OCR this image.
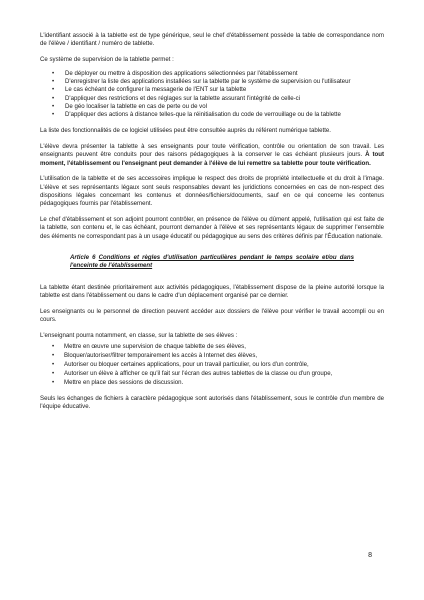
L'identifiant associé à la tablette est de type générique, seul le chef d'établissement possède la table de correspondance nom de l'élève / identifiant / numéro de tablette.

Ce système de supervision de la tablette permet :

• De déployer ou mettre à disposition des applications sélectionnées par l'établissement
• D'enregistrer la liste des applications installées sur la tablette par le système de supervision ou l'utilisateur
• Le cas échéant de configurer la messagerie de l'ENT sur la tablette
• D'appliquer des restrictions et des réglages sur la tablette assurant l'intégrité de celle-ci
• De géo localiser la tablette en cas de perte ou de vol
• D'appliquer des actions à distance telles-que la réinitialisation du code de verrouillage ou de la tablette

La liste des fonctionnalités de ce logiciel utilisées peut être consultée auprès du référent numérique tablette.

L'élève devra présenter la tablette à ses enseignants pour toute vérification, contrôle ou orientation de son travail. Les enseignants peuvent être conduits pour des raisons pédagogiques à la conserver le cas échéant plusieurs jours. À tout moment, l'établissement ou l'enseignant peut demander à l'élève de lui remettre sa tablette pour toute vérification.

L'utilisation de la tablette et de ses accessoires implique le respect des droits de propriété intellectuelle et du droit à l'image. L'élève et ses représentants légaux sont seuls responsables devant les juridictions concernées en cas de non-respect des dispositions légales concernant les contenus et données/fichiers/documents, sauf en ce qui concerne les contenus pédagogiques fournis par l'établissement.

Le chef d'établissement et son adjoint pourront contrôler, en présence de l'élève ou dûment appelé, l'utilisation qui est faite de la tablette, son contenu et, le cas échéant, pourront demander à l'élève et ses représentants légaux de supprimer l'ensemble des éléments ne correspondant pas à un usage éducatif ou pédagogique au sens des critères définis par l'Éducation nationale.

Article 6 Conditions et règles d'utilisation particulières pendant le temps scolaire et/ou dans l'enceinte de l'établissement

La tablette étant destinée prioritairement aux activités pédagogiques, l'établissement dispose de la pleine autorité lorsque la tablette est dans l'établissement ou dans le cadre d'un déplacement organisé par ce dernier.

Les enseignants ou le personnel de direction peuvent accéder aux dossiers de l'élève pour vérifier le travail accompli ou en cours.

L'enseignant pourra notamment, en classe, sur la tablette de ses élèves :

• Mettre en œuvre une supervision de chaque tablette de ses élèves,
• Bloquer/autoriser/filtrer temporairement les accès à Internet des élèves,
• Autoriser ou bloquer certaines applications, pour un travail particulier, ou lors d'un contrôle,
• Autoriser un élève à afficher ce qu'il fait sur l'écran des autres tablettes de la classe ou d'un groupe,
• Mettre en place des sessions de discussion.

Seuls les échanges de fichiers à caractère pédagogique sont autorisés dans l'établissement, sous le contrôle d'un membre de l'équipe éducative.

8
